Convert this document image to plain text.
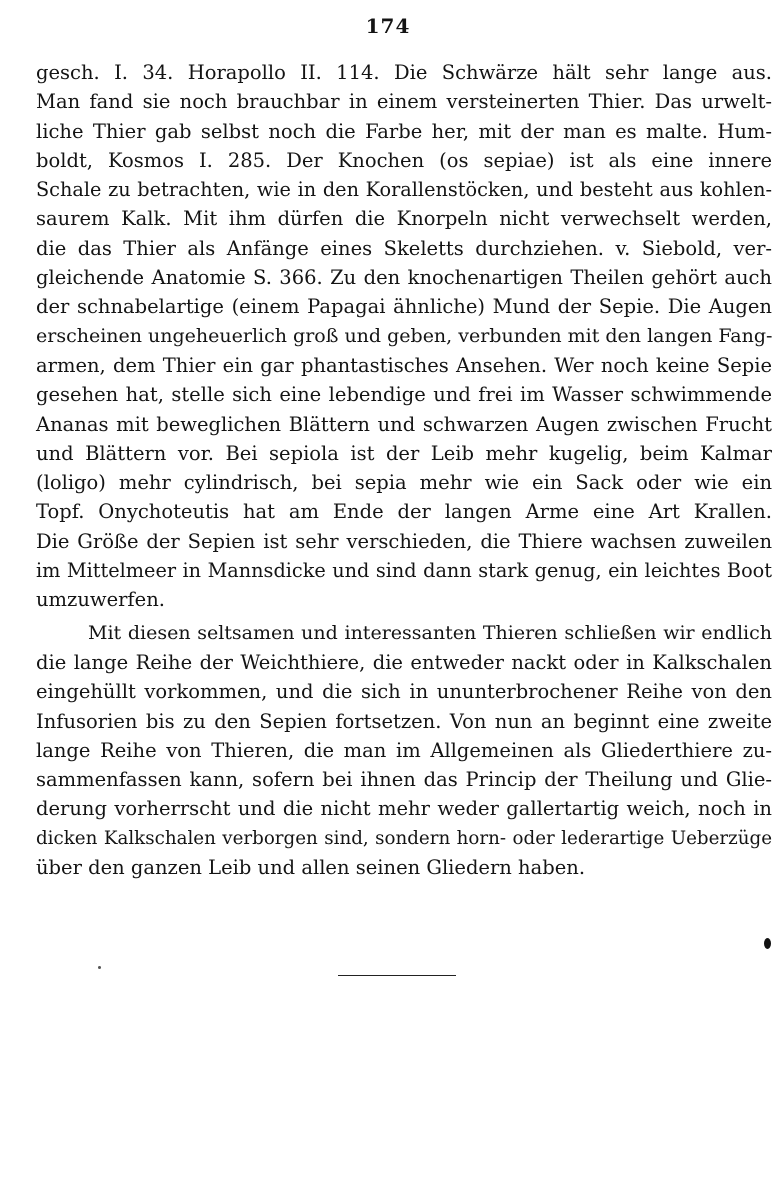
174
gesch. I. 34. Horapollo II. 114. Die Schwärze hält sehr lange aus.
Man fand sie noch brauchbar in einem versteinerten Thier. Das urwelt-
liche Thier gab selbst noch die Farbe her, mit der man es malte. Hum-
boldt, Kosmos I. 285. Der Knochen (os sepiae) ist als eine innere
Schale zu betrachten, wie in den Korallenstöcken, und besteht aus kohlen-
saurem Kalk. Mit ihm dürfen die Knorpeln nicht verwechselt werden,
die das Thier als Anfänge eines Skeletts durchziehen. v. Siebold, ver-
gleichende Anatomie S. 366. Zu den knochenartigen Theilen gehört auch
der schnabelartige (einem Papagai ähnliche) Mund der Sepie. Die Augen
erscheinen ungeheuerlich groß und geben, verbunden mit den langen Fang-
armen, dem Thier ein gar phantastisches Ansehen. Wer noch keine Sepie
gesehen hat, stelle sich eine lebendige und frei im Wasser schwimmende
Ananas mit beweglichen Blättern und schwarzen Augen zwischen Frucht
und Blättern vor. Bei sepiola ist der Leib mehr kugelig, beim Kalmar
(loligo) mehr cylindrisch, bei sepia mehr wie ein Sack oder wie ein
Topf. Onychoteutis hat am Ende der langen Arme eine Art Krallen.
Die Größe der Sepien ist sehr verschieden, die Thiere wachsen zuweilen
im Mittelmeer in Mannsdicke und sind dann stark genug, ein leichtes Boot
umzuwerfen.
Mit diesen seltsamen und interessanten Thieren schließen wir endlich
die lange Reihe der Weichthiere, die entweder nackt oder in Kalkschalen
eingehüllt vorkommen, und die sich in ununterbrochener Reihe von den
Infusorien bis zu den Sepien fortsetzen. Von nun an beginnt eine zweite
lange Reihe von Thieren, die man im Allgemeinen als Gliederthiere zu-
sammenfassen kann, sofern bei ihnen das Princip der Theilung und Glie-
derung vorherrscht und die nicht mehr weder gallertartig weich, noch in
dicken Kalkschalen verborgen sind, sondern horn- oder lederartige Ueberzüge
über den ganzen Leib und allen seinen Gliedern haben.
